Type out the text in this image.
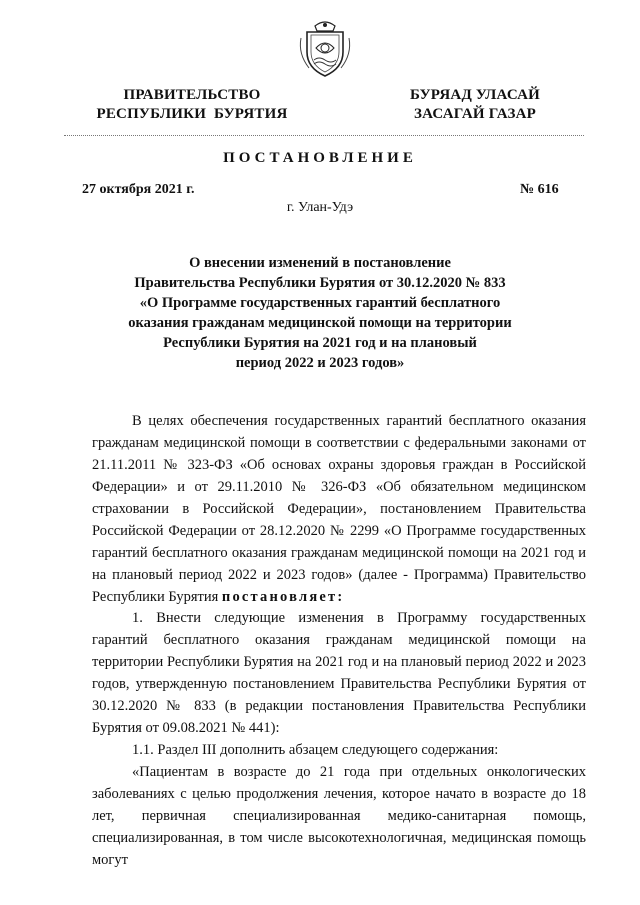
ПРАВИТЕЛЬСТВО
РЕСПУБЛИКИ  БУРЯТИЯ
БУРЯАД УЛАСАЙ
ЗАСАГАЙ ГАЗАР
ПОСТАНОВЛЕНИЕ
27 октября 2021 г.	№ 616
г. Улан-Удэ
О внесении изменений в постановление
Правительства Республики Бурятия от 30.12.2020 № 833
«О Программе государственных гарантий бесплатного
оказания гражданам медицинской помощи на территории
Республики Бурятия на 2021 год и на плановый
период 2022 и 2023 годов»

В целях обеспечения государственных гарантий бесплатного оказания гражданам медицинской помощи в соответствии с федеральными законами от 21.11.2011 № 323-ФЗ «Об основах охраны здоровья граждан в Российской Федерации» и от 29.11.2010 № 326-ФЗ «Об обязательном медицинском страховании в Российской Федерации», постановлением Правительства Российской Федерации от 28.12.2020 № 2299 «О Программе государственных гарантий бесплатного оказания гражданам медицинской помощи на 2021 год и на плановый период 2022 и 2023 годов» (далее - Программа) Правительство Республики Бурятия постановляет:

1. Внести следующие изменения в Программу государственных гарантий бесплатного оказания гражданам медицинской помощи на территории Республики Бурятия на 2021 год и на плановый период 2022 и 2023 годов, утвержденную постановлением Правительства Республики Бурятия от 30.12.2020 № 833 (в редакции постановления Правительства Республики Бурятия от 09.08.2021 № 441):

1.1. Раздел III дополнить абзацем следующего содержания:

«Пациентам в возрасте до 21 года при отдельных онкологических заболеваниях с целью продолжения лечения, которое начато в возрасте до 18 лет, первичная специализированная медико-санитарная помощь, специализированная, в том числе высокотехнологичная, медицинская помощь могут
